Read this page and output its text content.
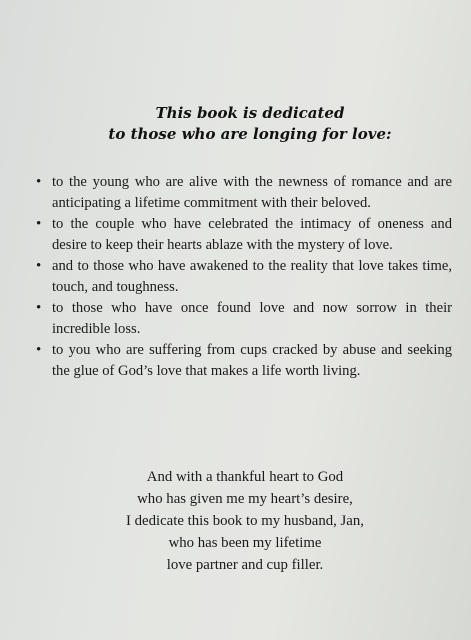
This book is dedicated
to those who are longing for love:
• to the young who are alive with the newness of romance and are anticipating a lifetime commitment with their beloved.
• to the couple who have celebrated the intimacy of oneness and desire to keep their hearts ablaze with the mystery of love.
• and to those who have awakened to the reality that love takes time, touch, and toughness.
• to those who have once found love and now sorrow in their incredible loss.
• to you who are suffering from cups cracked by abuse and seeking the glue of God’s love that makes a life worth living.
And with a thankful heart to God
who has given me my heart’s desire,
I dedicate this book to my husband, Jan,
who has been my lifetime
love partner and cup filler.
